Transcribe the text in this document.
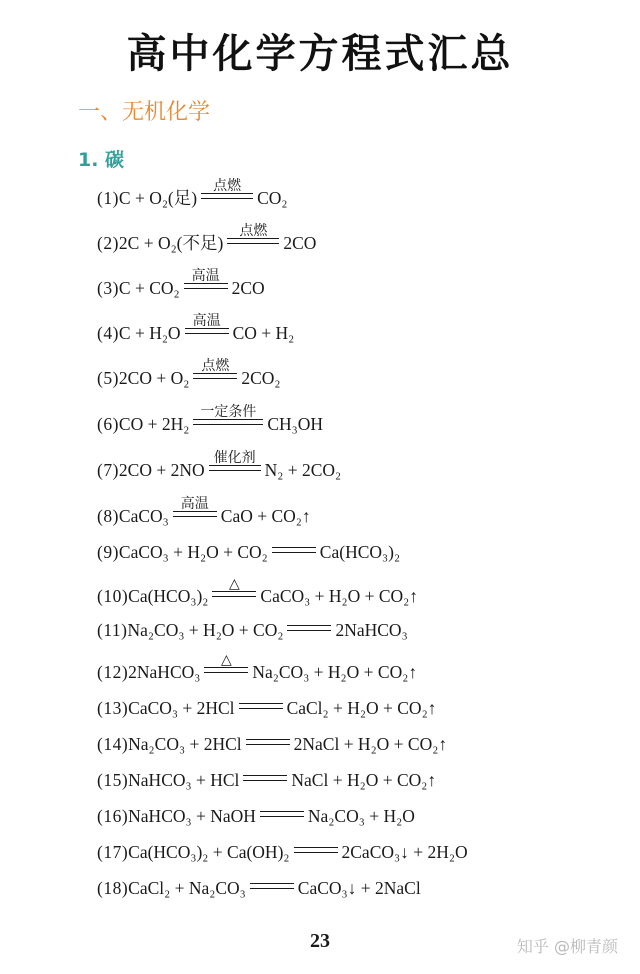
高中化学方程式汇总
一、无机化学
1. 碳
(1)C + O₂(足)
点燃
CO₂
(2)2C + O₂(不足)
点燃
2CO
(3)C + CO₂
高温
2CO
(4)C + H₂O
高温
CO + H₂
(5)2CO + O₂
点燃
2CO₂
(6)CO + 2H₂
一定条件
CH₃OH
(7)2CO + 2NO
催化剂
N₂ + 2CO₂
(8)CaCO₃
高温
CaO + CO₂↑
(9)CaCO₃ + H₂O + CO₂	Ca(HCO₃)₂
(10)Ca(HCO₃)₂
△
CaCO₃ + H₂O + CO₂↑
(11)Na₂CO₃ + H₂O + CO₂	2NaHCO₃
(12)2NaHCO₃
△
Na₂CO₃ + H₂O + CO₂↑
(13)CaCO₃ + 2HCl	CaCl₂ + H₂O + CO₂↑
(14)Na₂CO₃ + 2HCl	2NaCl + H₂O + CO₂↑
(15)NaHCO₃ + HCl	NaCl + H₂O + CO₂↑
(16)NaHCO₃ + NaOH	Na₂CO₃ + H₂O
(17)Ca(HCO₃)₂ + Ca(OH)₂	2CaCO₃↓ + 2H₂O
(18)CaCl₂ + Na₂CO₃	CaCO₃↓ + 2NaCl
23	知乎 @柳青颜
